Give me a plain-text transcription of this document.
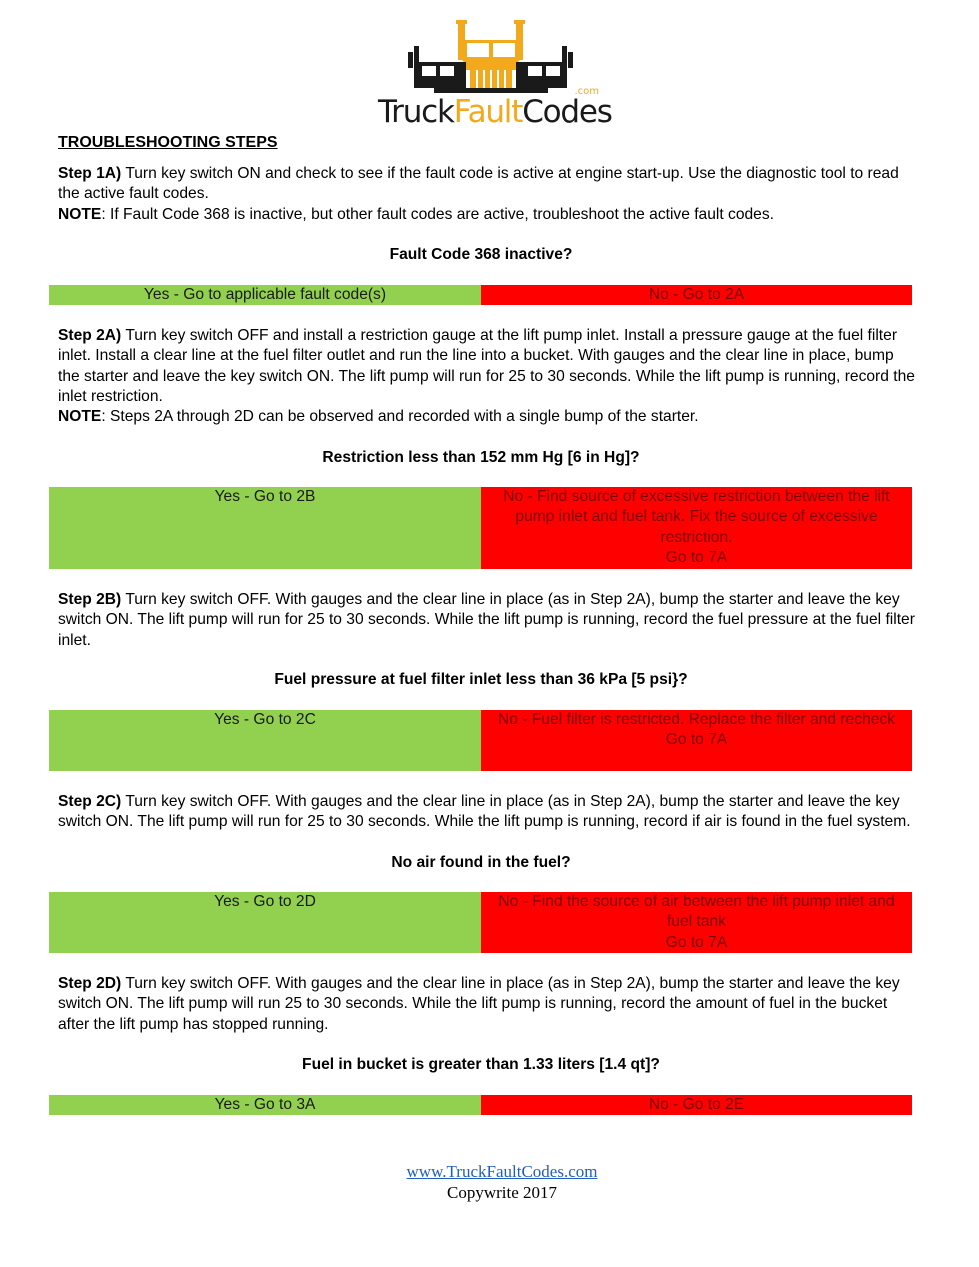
.com
TruckFaultCodes
TROUBLESHOOTING STEPS
Step 1A) Turn key switch ON and check to see if the fault code is active at engine start-up. Use the diagnostic tool to read the active fault codes.
NOTE: If Fault Code 368 is inactive, but other fault codes are active, troubleshoot the active fault codes.
Fault Code 368 inactive?
Yes - Go to applicable fault code(s)	No - Go to 2A
Step 2A) Turn key switch OFF and install a restriction gauge at the lift pump inlet. Install a pressure gauge at the fuel filter inlet. Install a clear line at the fuel filter outlet and run the line into a bucket. With gauges and the clear line in place, bump the starter and leave the key switch ON. The lift pump will run for 25 to 30 seconds. While the lift pump is running, record the inlet restriction.
NOTE: Steps 2A through 2D can be observed and recorded with a single bump of the starter.
Restriction less than 152 mm Hg [6 in Hg]?
Yes - Go to 2B	No - Find source of excessive restriction between the lift pump inlet and fuel tank. Fix the source of excessive restriction.
Go to 7A
Step 2B) Turn key switch OFF. With gauges and the clear line in place (as in Step 2A), bump the starter and leave the key switch ON. The lift pump will run for 25 to 30 seconds. While the lift pump is running, record the fuel pressure at the fuel filter inlet.
Fuel pressure at fuel filter inlet less than 36 kPa [5 psi}?
Yes - Go to 2C	No - Fuel filter is restricted. Replace the filter and recheck
Go to 7A
Step 2C) Turn key switch OFF. With gauges and the clear line in place (as in Step 2A), bump the starter and leave the key switch ON. The lift pump will run for 25 to 30 seconds. While the lift pump is running, record if air is found in the fuel system.
No air found in the fuel?
Yes - Go to 2D	No - Find the source of air between the lift pump inlet and fuel tank
Go to 7A
Step 2D) Turn key switch OFF. With gauges and the clear line in place (as in Step 2A), bump the starter and leave the key switch ON. The lift pump will run 25 to 30 seconds. While the lift pump is running, record the amount of fuel in the bucket after the lift pump has stopped running.
Fuel in bucket is greater than 1.33 liters [1.4 qt]?
Yes - Go to 3A	No - Go to 2E
www.TruckFaultCodes.com
Copywrite 2017
